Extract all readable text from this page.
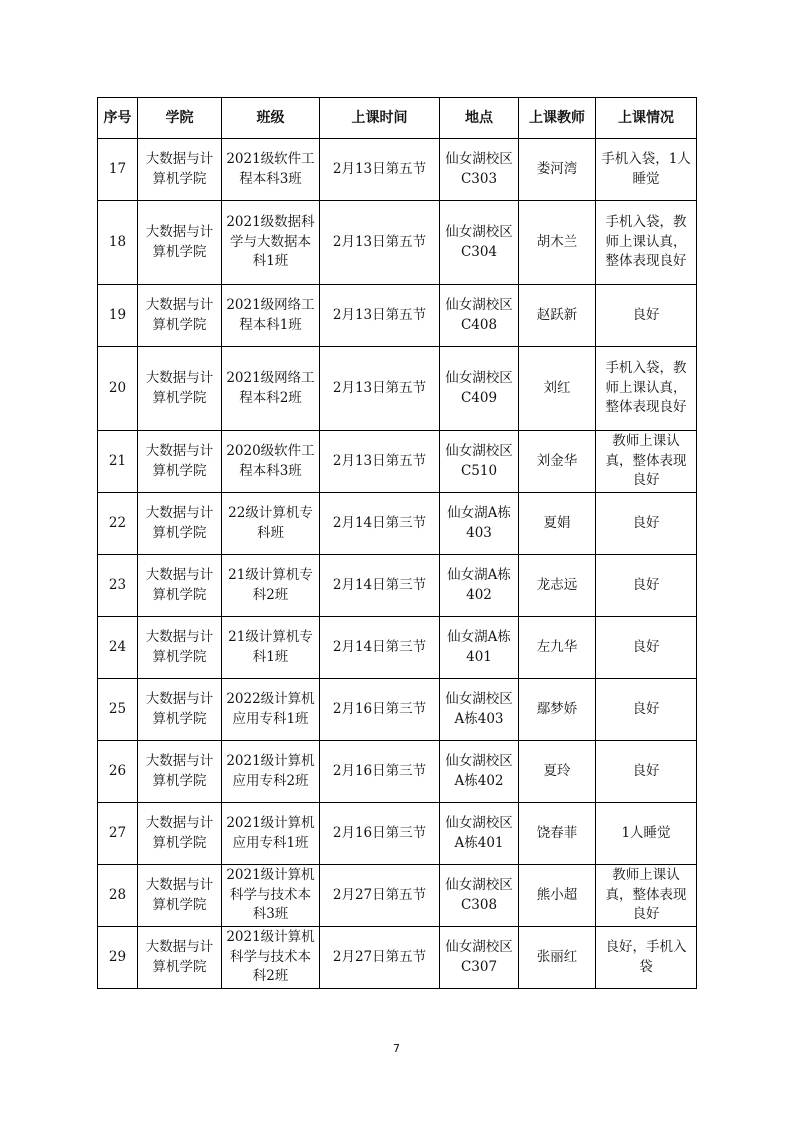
序号	学院	班级	上课时间	地点	上课教师	上课情况
17	大数据与计算机学院	2021级软件工程本科3班	2月13日第五节	仙女湖校区C303	娄河湾	手机入袋，1人睡觉
18	大数据与计算机学院	2021级数据科学与大数据本科1班	2月13日第五节	仙女湖校区C304	胡木兰	手机入袋，教师上课认真，整体表现良好
19	大数据与计算机学院	2021级网络工程本科1班	2月13日第五节	仙女湖校区C408	赵跃新	良好
20	大数据与计算机学院	2021级网络工程本科2班	2月13日第五节	仙女湖校区C409	刘红	手机入袋，教师上课认真，整体表现良好
21	大数据与计算机学院	2020级软件工程本科3班	2月13日第五节	仙女湖校区C510	刘金华	教师上课认真，整体表现良好
22	大数据与计算机学院	22级计算机专科班	2月14日第三节	仙女湖A栋403	夏娟	良好
23	大数据与计算机学院	21级计算机专科2班	2月14日第三节	仙女湖A栋402	龙志远	良好
24	大数据与计算机学院	21级计算机专科1班	2月14日第三节	仙女湖A栋401	左九华	良好
25	大数据与计算机学院	2022级计算机应用专科1班	2月16日第三节	仙女湖校区A栋403	鄢梦娇	良好
26	大数据与计算机学院	2021级计算机应用专科2班	2月16日第三节	仙女湖校区A栋402	夏玲	良好
27	大数据与计算机学院	2021级计算机应用专科1班	2月16日第三节	仙女湖校区A栋401	饶春菲	1人睡觉
28	大数据与计算机学院	2021级计算机科学与技术本科3班	2月27日第五节	仙女湖校区C308	熊小超	教师上课认真，整体表现良好
29	大数据与计算机学院	2021级计算机科学与技术本科2班	2月27日第五节	仙女湖校区C307	张丽红	良好，手机入袋
7
